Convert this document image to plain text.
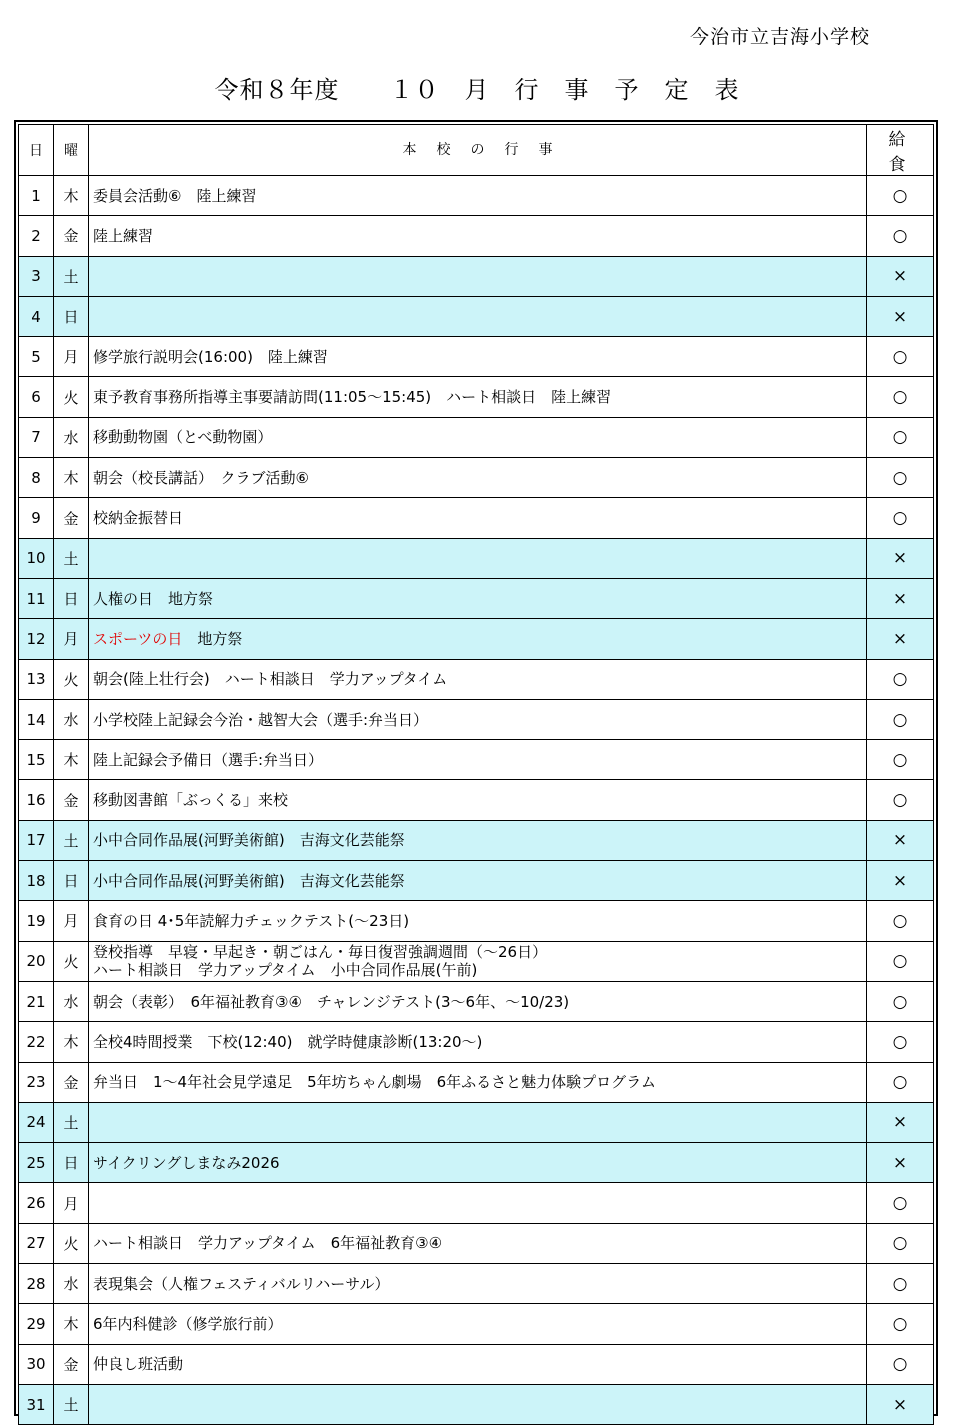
今治市立吉海小学校
令和８年度　　１０　月　行　事　予　定　表
日	曜	本校の行事	給食
1	木	委員会活動⑥　陸上練習	○
2	金	陸上練習	○
3	土		×
4	日		×
5	月	修学旅行説明会(16:00)　陸上練習	○
6	火	東予教育事務所指導主事要請訪問(11:05～15:45)　ハート相談日　陸上練習	○
7	水	移動動物園（とべ動物園）	○
8	木	朝会（校長講話）　クラブ活動⑥	○
9	金	校納金振替日	○
10	土		×
11	日	人権の日　地方祭	×
12	月	スポーツの日　地方祭	×
13	火	朝会(陸上壮行会)　ハート相談日　学力アップタイム	○
14	水	小学校陸上記録会今治・越智大会（選手:弁当日）	○
15	木	陸上記録会予備日（選手:弁当日）	○
16	金	移動図書館「ぶっくる」来校	○
17	土	小中合同作品展(河野美術館)　吉海文化芸能祭	×
18	日	小中合同作品展(河野美術館)　吉海文化芸能祭	×
19	月	食育の日 4･5年読解力チェックテスト(～23日)	○
20	火	登校指導　早寝・早起き・朝ごはん・毎日復習強調週間（～26日）
ハート相談日　学力アップタイム　小中合同作品展(午前)	○
21	水	朝会（表彰）　6年福祉教育③④　チャレンジテスト(3～6年、～10/23)	○
22	木	全校4時間授業　下校(12:40)　就学時健康診断(13:20～)	○
23	金	弁当日　1～4年社会見学遠足　5年坊ちゃん劇場　6年ふるさと魅力体験プログラム	○
24	土		×
25	日	サイクリングしまなみ2026	×
26	月		○
27	火	ハート相談日　学力アップタイム　6年福祉教育③④	○
28	水	表現集会（人権フェスティバルリハーサル）	○
29	木	6年内科健診（修学旅行前）	○
30	金	仲良し班活動	○
31	土		×
